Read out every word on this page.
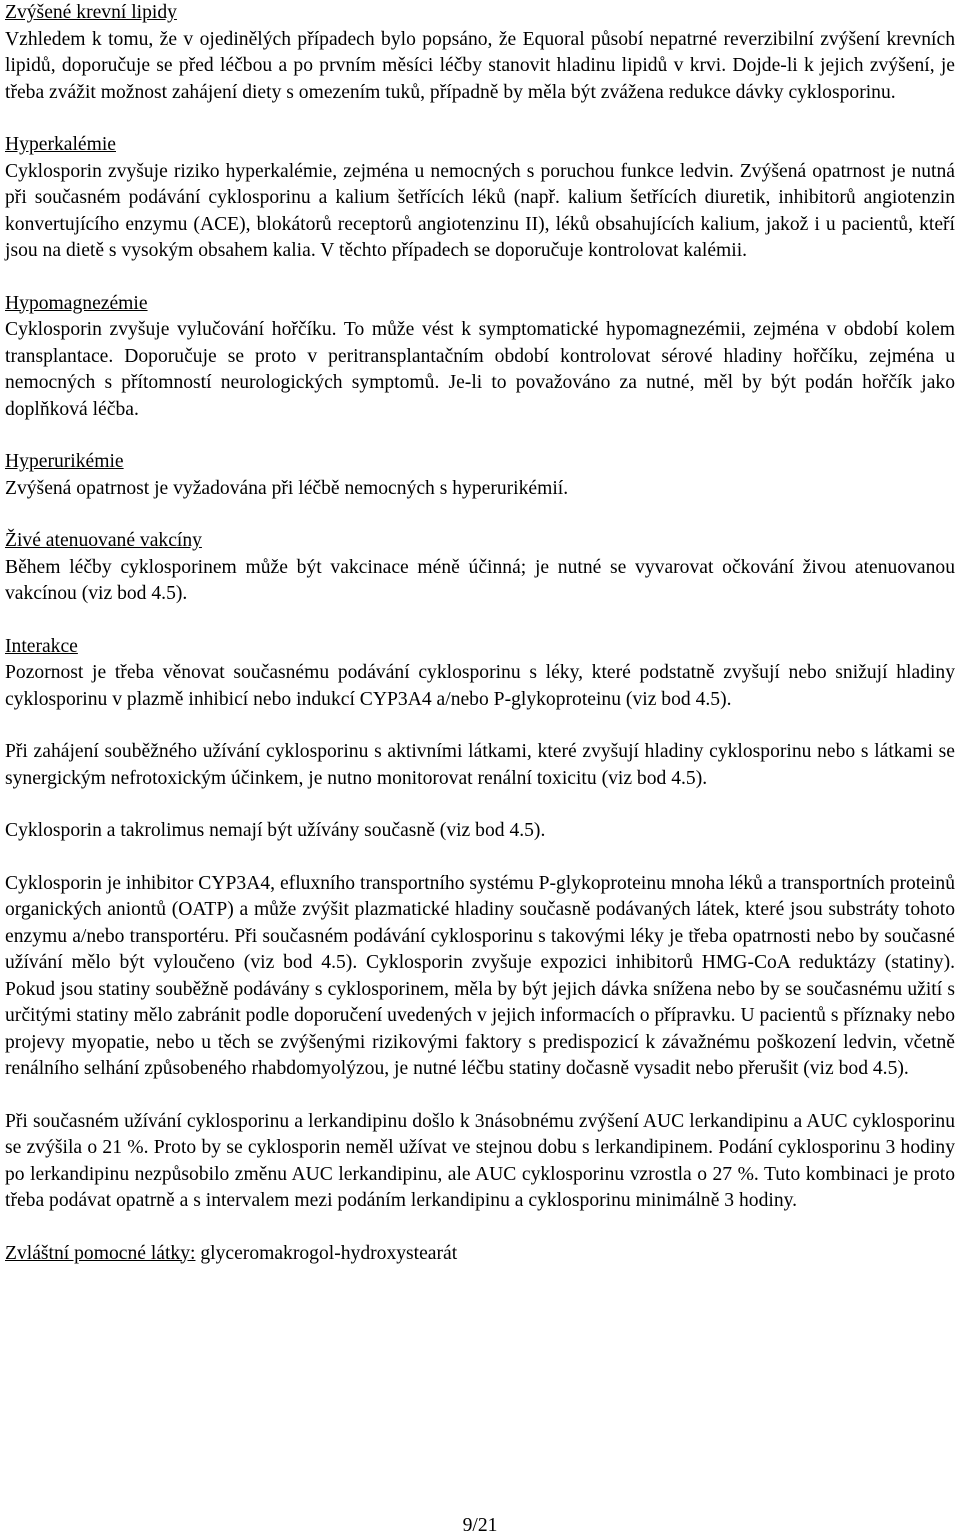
Zvýšené krevní lipidy
Vzhledem k tomu, že v ojedinělých případech bylo popsáno, že Equoral působí nepatrné reverzibilní zvýšení krevních lipidů, doporučuje se před léčbou a po prvním měsíci léčby stanovit hladinu lipidů v krvi. Dojde-li k jejich zvýšení, je třeba zvážit možnost zahájení diety s omezením tuků, případně by měla být zvážena redukce dávky cyklosporinu.
Hyperkalémie
Cyklosporin zvyšuje riziko hyperkalémie, zejména u nemocných s poruchou funkce ledvin. Zvýšená opatrnost je nutná při současném podávání cyklosporinu a kalium šetřících léků (např. kalium šetřících diuretik, inhibitorů angiotenzin konvertujícího enzymu (ACE), blokátorů receptorů angiotenzinu II), léků obsahujících kalium, jakož i u pacientů, kteří jsou na dietě s vysokým obsahem kalia. V těchto případech se doporučuje kontrolovat kalémii.
Hypomagnezémie
Cyklosporin zvyšuje vylučování hořčíku. To může vést k symptomatické hypomagnezémii, zejména v období kolem transplantace. Doporučuje se proto v peritransplantačním období kontrolovat sérové hladiny hořčíku, zejména u nemocných s přítomností neurologických symptomů. Je-li to považováno za nutné, měl by být podán hořčík jako doplňková léčba.
Hyperurikémie
Zvýšená opatrnost je vyžadována při léčbě nemocných s hyperurikémií.
Živé atenuované vakcíny
Během léčby cyklosporinem může být vakcinace méně účinná; je nutné se vyvarovat očkování živou atenuovanou vakcínou (viz bod 4.5).
Interakce
Pozornost je třeba věnovat současnému podávání cyklosporinu s léky, které podstatně zvyšují nebo snižují hladiny cyklosporinu v plazmě inhibicí nebo indukcí CYP3A4 a/nebo P-glykoproteinu (viz bod 4.5).
Při zahájení souběžného užívání cyklosporinu s aktivními látkami, které zvyšují hladiny cyklosporinu nebo s látkami se synergickým nefrotoxickým účinkem, je nutno monitorovat renální toxicitu (viz bod 4.5).
Cyklosporin a takrolimus nemají být užívány současně (viz bod 4.5).
Cyklosporin je inhibitor CYP3A4, efluxního transportního systému P-glykoproteinu mnoha léků a transportních proteinů organických aniontů (OATP) a může zvýšit plazmatické hladiny současně podávaných látek, které jsou substráty tohoto enzymu a/nebo transportéru. Při současném podávání cyklosporinu s takovými léky je třeba opatrnosti nebo by současné užívání mělo být vyloučeno (viz bod 4.5). Cyklosporin zvyšuje expozici inhibitorů HMG-CoA reduktázy (statiny). Pokud jsou statiny souběžně podávány s cyklosporinem, měla by být jejich dávka snížena nebo by se současnému užití s určitými statiny mělo zabránit podle doporučení uvedených v jejich informacích o přípravku. U pacientů s příznaky nebo projevy myopatie, nebo u těch se zvýšenými rizikovými faktory s predispozicí k závažnému poškození ledvin, včetně renálního selhání způsobeného rhabdomyolýzou, je nutné léčbu statiny dočasně vysadit nebo přerušit (viz bod 4.5).
Při současném užívání cyklosporinu a lerkandipinu došlo k 3násobnému zvýšení AUC lerkandipinu a AUC cyklosporinu se zvýšila o 21 %. Proto by se cyklosporin neměl užívat ve stejnou dobu s lerkandipinem. Podání cyklosporinu 3 hodiny po lerkandipinu nezpůsobilo změnu AUC lerkandipinu, ale AUC cyklosporinu vzrostla o 27 %. Tuto kombinaci je proto třeba podávat opatrně a s intervalem mezi podáním lerkandipinu a cyklosporinu minimálně 3 hodiny.
Zvláštní pomocné látky: glyceromakrogol-hydroxystearát
9/21
